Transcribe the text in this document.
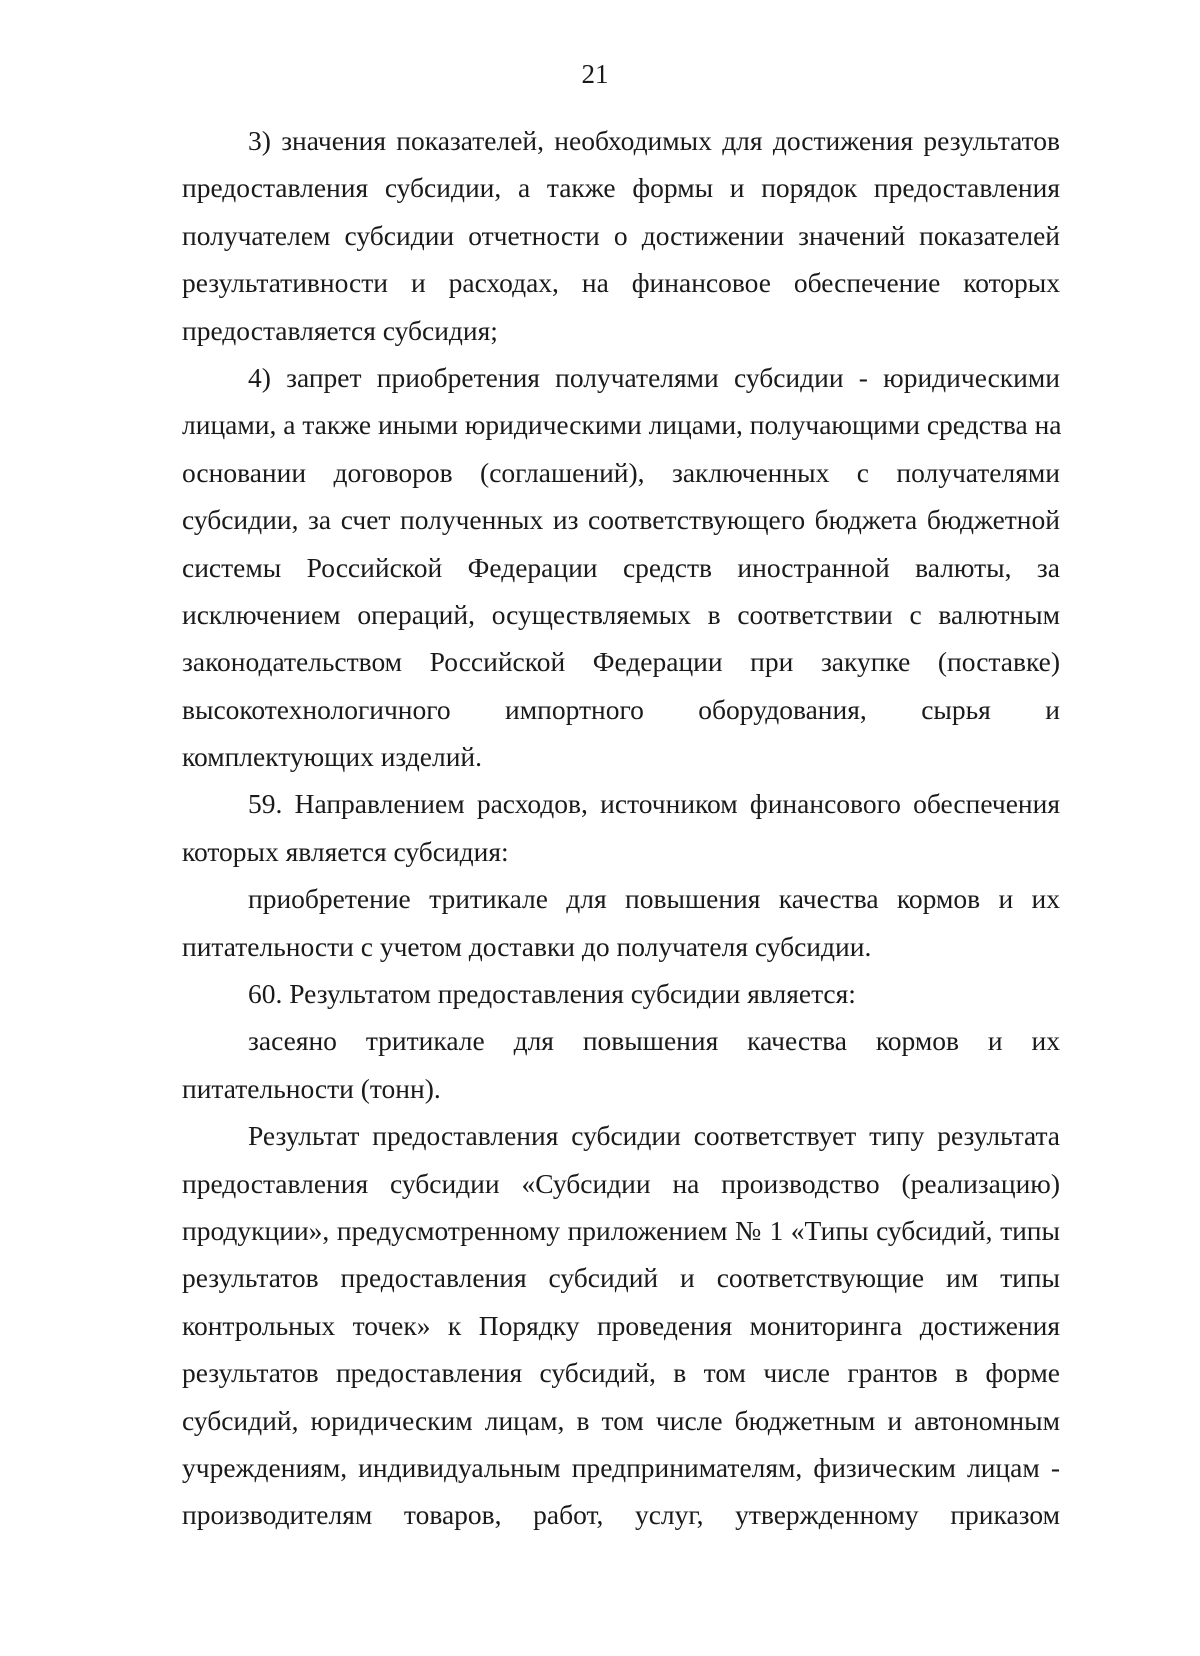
21
3) значения показателей, необходимых для достижения результатов
предоставления субсидии, а также формы и порядок предоставления
получателем субсидии отчетности о достижении значений показателей
результативности и расходах, на финансовое обеспечение которых
предоставляется субсидия;
4) запрет приобретения получателями субсидии - юридическими
лицами, а также иными юридическими лицами, получающими средства на
основании договоров (соглашений), заключенных с получателями
субсидии, за счет полученных из соответствующего бюджета бюджетной
системы Российской Федерации средств иностранной валюты, за
исключением операций, осуществляемых в соответствии с валютным
законодательством Российской Федерации при закупке (поставке)
высокотехнологичного импортного оборудования, сырья и
комплектующих изделий.
59. Направлением расходов, источником финансового обеспечения
которых является субсидия:
приобретение тритикале для повышения качества кормов и их
питательности с учетом доставки до получателя субсидии.
60. Результатом предоставления субсидии является:
засеяно тритикале для повышения качества кормов и их
питательности (тонн).
Результат предоставления субсидии соответствует типу результата
предоставления субсидии «Субсидии на производство (реализацию)
продукции», предусмотренному приложением № 1 «Типы субсидий, типы
результатов предоставления субсидий и соответствующие им типы
контрольных точек» к Порядку проведения мониторинга достижения
результатов предоставления субсидий, в том числе грантов в форме
субсидий, юридическим лицам, в том числе бюджетным и автономным
учреждениям, индивидуальным предпринимателям, физическим лицам -
производителям товаров, работ, услуг, утвержденному приказом
